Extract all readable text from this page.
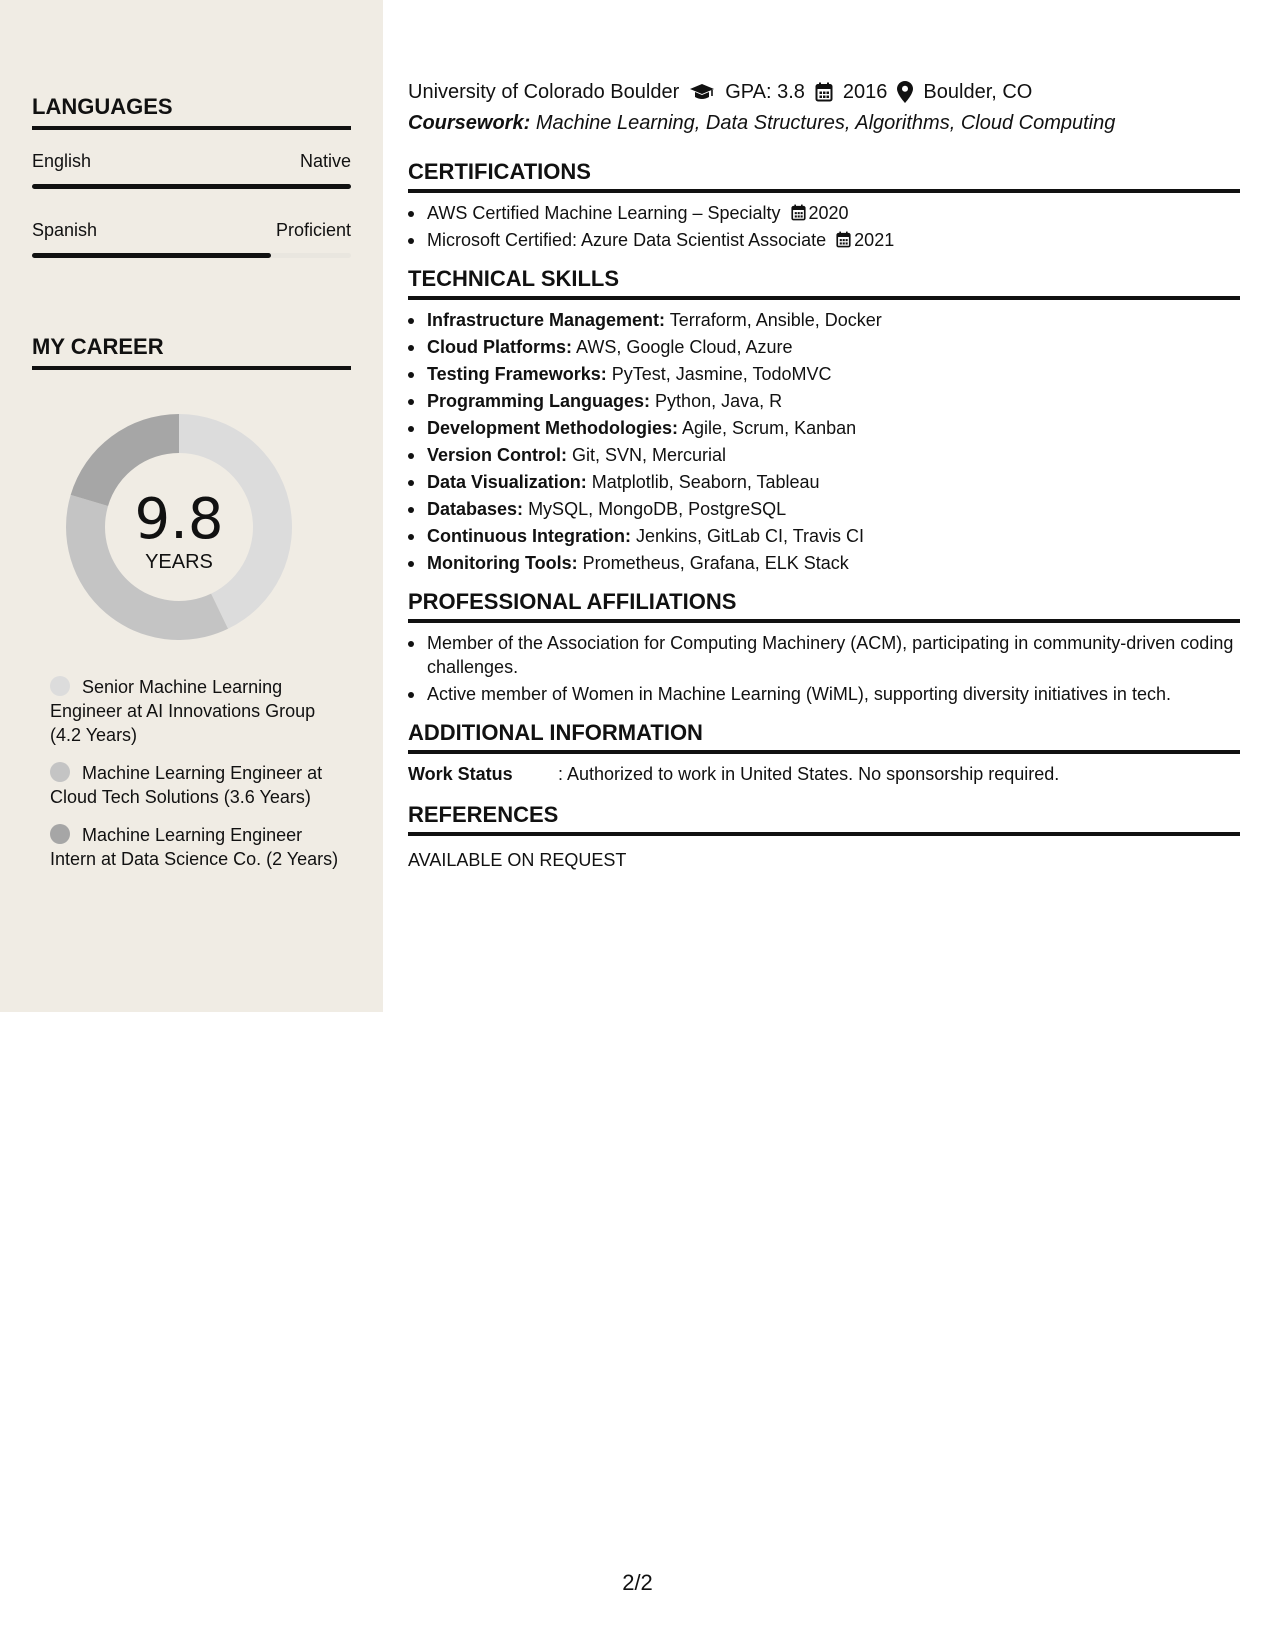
LANGUAGES
English	Native
Spanish	Proficient
MY CAREER
9.8
YEARS
Senior Machine Learning Engineer at AI Innovations Group (4.2 Years)
Machine Learning Engineer at Cloud Tech Solutions (3.6 Years)
Machine Learning Engineer Intern at Data Science Co. (2 Years)
University of Colorado Boulder GPA: 3.8 2016 Boulder, CO
Coursework: Machine Learning, Data Structures, Algorithms, Cloud Computing
CERTIFICATIONS
AWS Certified Machine Learning – Specialty 2020
Microsoft Certified: Azure Data Scientist Associate 2021
TECHNICAL SKILLS
Infrastructure Management: Terraform, Ansible, Docker
Cloud Platforms: AWS, Google Cloud, Azure
Testing Frameworks: PyTest, Jasmine, TodoMVC
Programming Languages: Python, Java, R
Development Methodologies: Agile, Scrum, Kanban
Version Control: Git, SVN, Mercurial
Data Visualization: Matplotlib, Seaborn, Tableau
Databases: MySQL, MongoDB, PostgreSQL
Continuous Integration: Jenkins, GitLab CI, Travis CI
Monitoring Tools: Prometheus, Grafana, ELK Stack
PROFESSIONAL AFFILIATIONS
Member of the Association for Computing Machinery (ACM), participating in community-driven coding challenges.
Active member of Women in Machine Learning (WiML), supporting diversity initiatives in tech.
ADDITIONAL INFORMATION
Work Status	: Authorized to work in United States. No sponsorship required.
REFERENCES
AVAILABLE ON REQUEST
2/2
